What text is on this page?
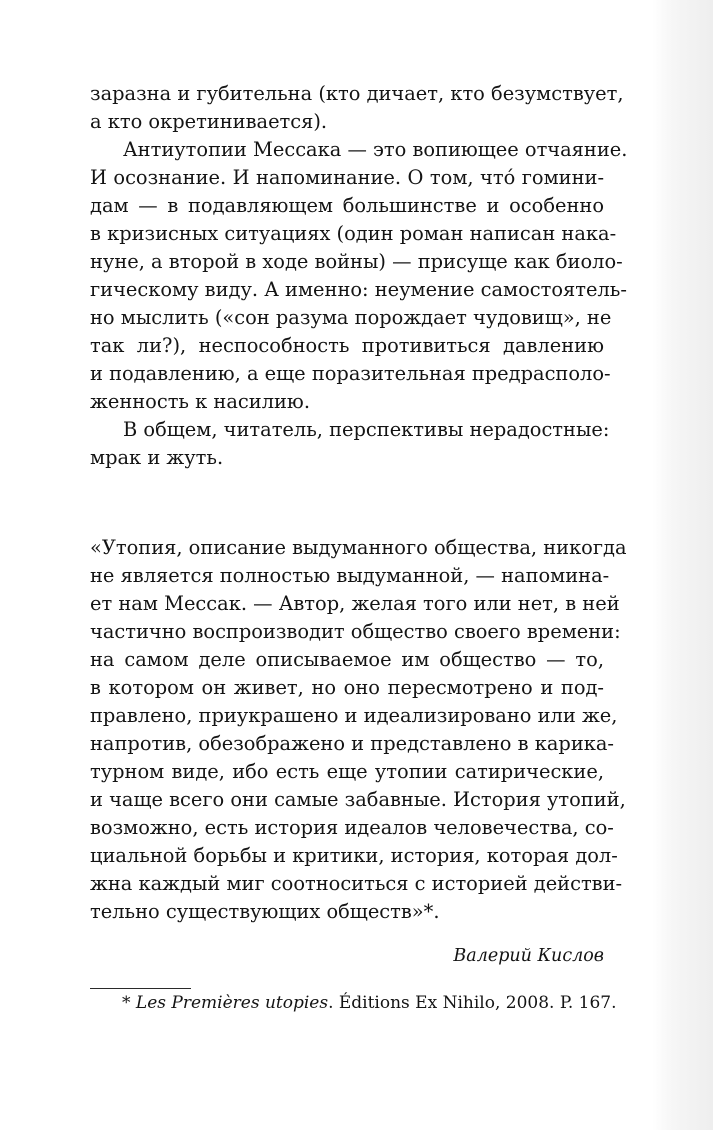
заразна и губительна (кто дичает, кто безумствует,
а кто окретинивается).
Антиутопии Мессака — это вопиющее отчаяние.
И осознание. И напоминание. О том, что́ гомини-
дам — в подавляющем большинстве и особенно
в кризисных ситуациях (один роман написан нака-
нуне, а второй в ходе войны) — присуще как биоло-
гическому виду. А именно: неумение самостоятель-
но мыслить («сон разума порождает чудовищ», не
так ли?), неспособность противиться давлению
и подавлению, а еще поразительная предрасполо-
женность к насилию.
В общем, читатель, перспективы нерадостные:
мрак и жуть.
«Утопия, описание выдуманного общества, никогда
не является полностью выдуманной, — напомина-
ет нам Мессак. — Автор, желая того или нет, в ней
частично воспроизводит общество своего времени:
на самом деле описываемое им общество — то,
в котором он живет, но оно пересмотрено и под-
правлено, приукрашено и идеализировано или же,
напротив, обезображено и представлено в карика-
турном виде, ибо есть еще утопии сатирические,
и чаще всего они самые забавные. История утопий,
возможно, есть история идеалов человечества, со-
циальной борьбы и критики, история, которая дол-
жна каждый миг соотноситься с историей действи-
тельно существующих обществ»*.
Валерий Кислов
* Les Premières utopies. Éditions Ex Nihilo, 2008. P. 167.
